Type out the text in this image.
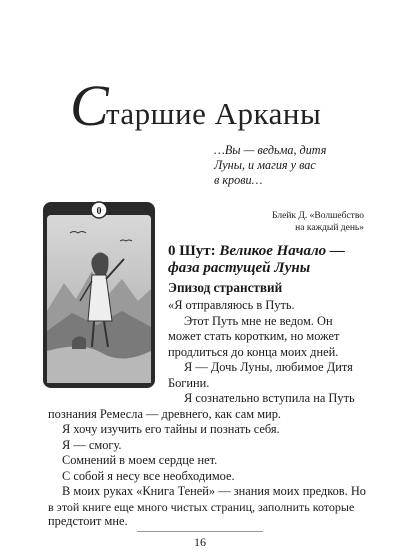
С
таршие Арканы
…Вы — ведьма, дитя
Луны, и магия у вас
в крови…
Блейк Д. «Волшебство
на каждый день»
0
0 Шут: Великое Начало —
фаза растущей Луны
Эпизод странствий
«Я отправляюсь в Путь.
Этот Путь мне не ведом. Он
может стать коротким, но может
продлиться до конца моих дней.
Я — Дочь Луны, любимое Дитя
Богини.
Я сознательно вступила на Путь
познания Ремесла — древнего, как сам мир.
Я хочу изучить его тайны и познать себя.
Я — смогу.
Сомнений в моем сердце нет.
С собой я несу все необходимое.
В моих руках «Книга Теней» — знания моих предков. Но
в этой книге еще много чистых страниц, заполнить которые
предстоит мне.
16
